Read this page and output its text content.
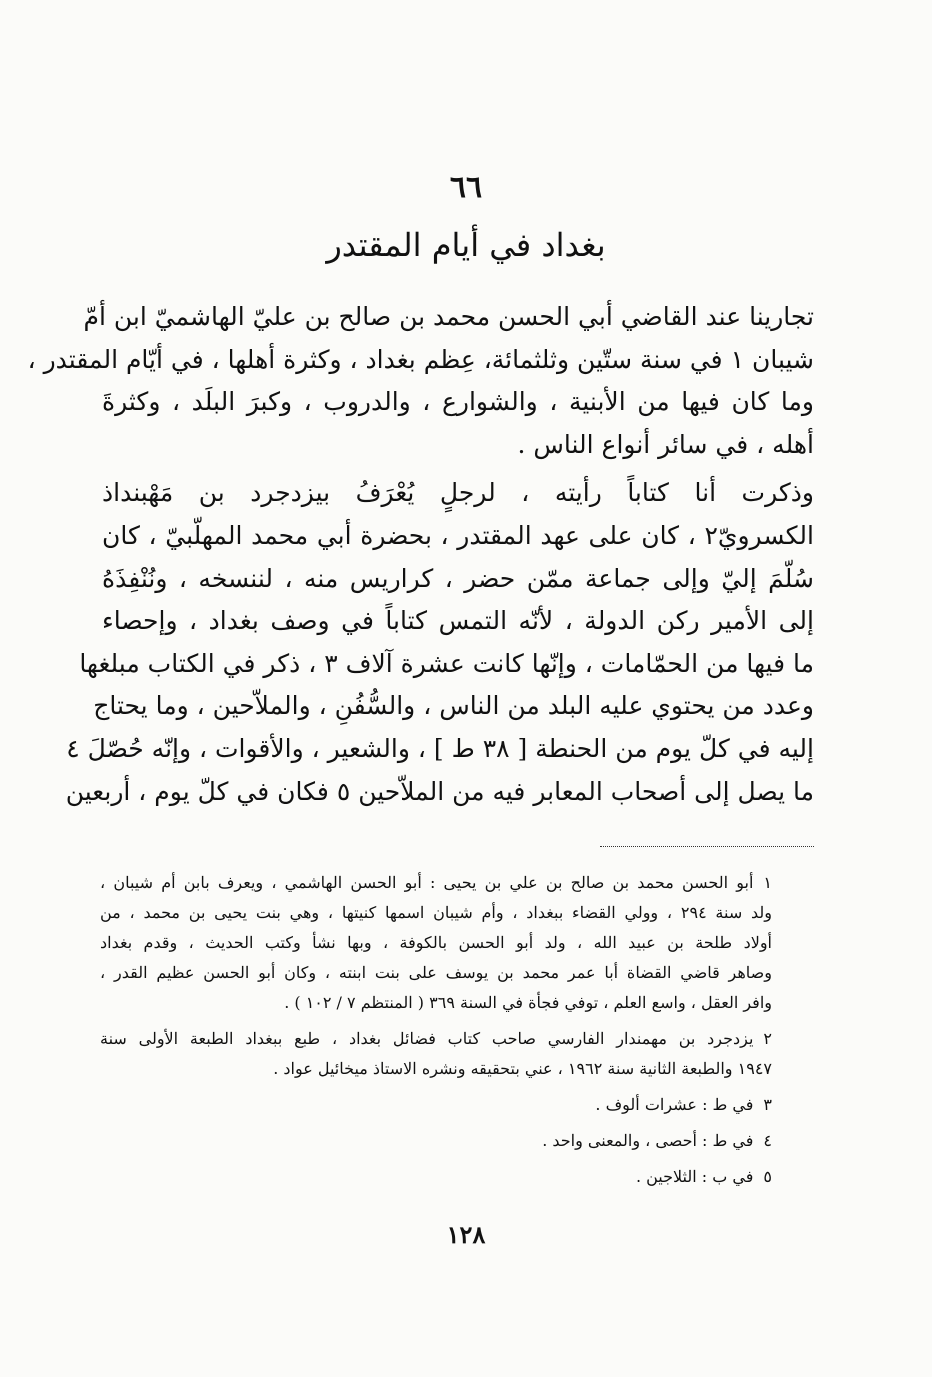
٦٦
بغداد في أيام المقتدر
تجارينا عند القاضي أبي الحسن محمد بن صالح بن عليّ الهاشميّ ابن أمّ
شيبان ١ في سنة ستّين وثلثمائة، عِظم بغداد ، وكثرة أهلها ، في أيّام المقتدر ،
وما كان فيها من الأبنية ، والشوارع ، والدروب ، وكبرَ البلَد ، وكثرةَ
أهله ، في سائر أنواع الناس .
وذكرت أنا كتاباً رأيته ، لرجلٍ يُعْرَفُ بيزدجرد بن مَهْبنداذ
الكسرويّ٢ ، كان على عهد المقتدر ، بحضرة أبي محمد المهلّبيّ ، كان
سُلّمَ إليّ وإلى جماعة ممّن حضر ، كراريس منه ، لننسخه ، ونُنْفِذَهُ
إلى الأمير ركن الدولة ، لأنّه التمس كتاباً في وصف بغداد ، وإحصاء
ما فيها من الحمّامات ، وإنّها كانت عشرة آلاف ٣ ، ذكر في الكتاب مبلغها
وعدد من يحتوي عليه البلد من الناس ، والسُّفُنِ ، والملاّحين ، وما يحتاج
إليه في كلّ يوم من الحنطة [ ٣٨ ط ] ، والشعير ، والأقوات ، وإنّه حُصّلَ ٤
ما يصل إلى أصحاب المعابر فيه من الملاّحين ٥ فكان في كلّ يوم ، أربعين
١أبو الحسن محمد بن صالح بن علي بن يحيى : أبو الحسن الهاشمي ، ويعرف بابن أم شيبان ،
ولد سنة ٢٩٤ ، وولي القضاء ببغداد ، وأم شيبان اسمها كنيتها ، وهي بنت يحيى بن محمد ، من
أولاد طلحة بن عبيد الله ، ولد أبو الحسن بالكوفة ، وبها نشأ وكتب الحديث ، وقدم بغداد
وصاهر قاضي القضاة أبا عمر محمد بن يوسف على بنت ابنته ، وكان أبو الحسن عظيم القدر ،
وافر العقل ، واسع العلم ، توفي فجأة في السنة ٣٦٩ ( المنتظم ٧ / ١٠٢ ) .
٢يزدجرد بن مهمندار الفارسي صاحب كتاب فضائل بغداد ، طبع ببغداد الطبعة الأولى سنة
١٩٤٧ والطبعة الثانية سنة ١٩٦٢ ، عني بتحقيقه ونشره الاستاذ ميخائيل عواد .
٣في ط : عشرات ألوف .
٤في ط : أحصى ، والمعنى واحد .
٥في ب : الثلاجين .
١٢٨
